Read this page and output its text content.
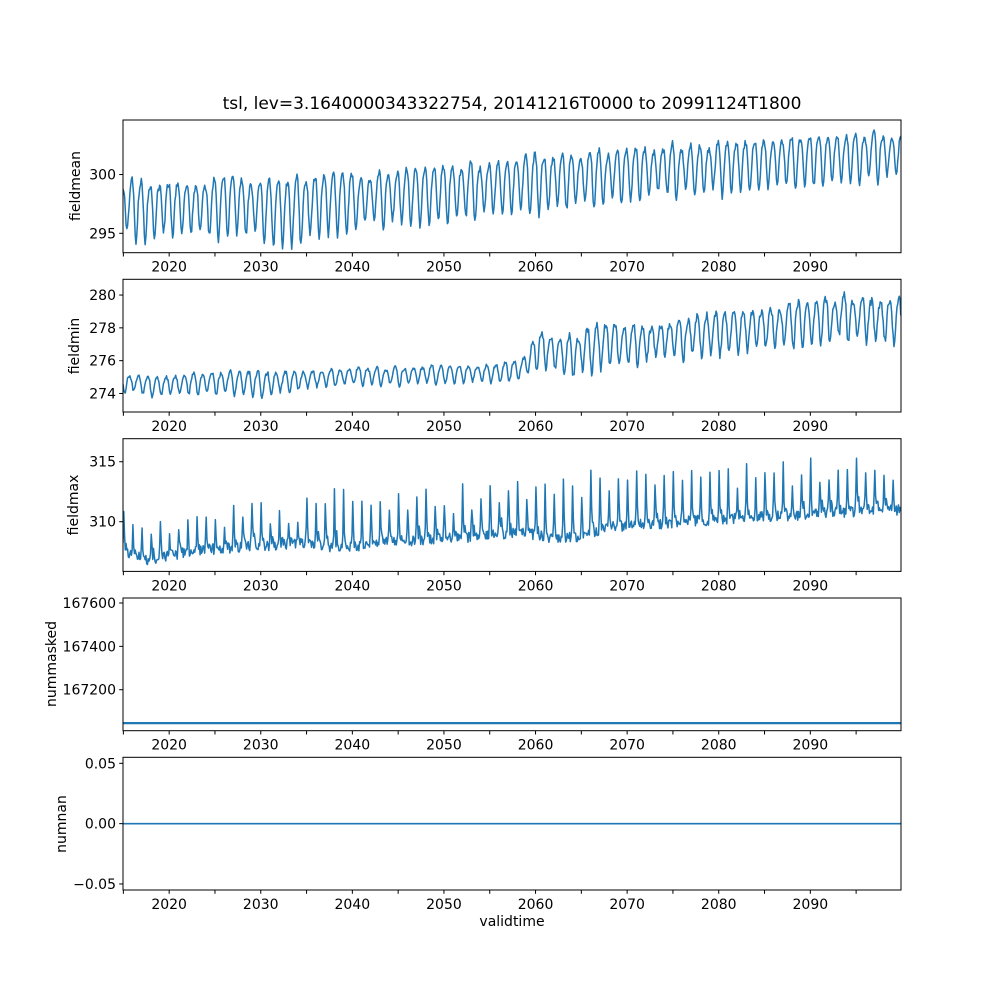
tsl, lev=3.1640000343322754, 20141216T0000 to 20991124T1800
fieldmean
fieldmin
fieldmax
nummasked
numnan
validtime
295
300
2020	2030	2040	2050	2060	2070	2080	2090
274
276
278
280
2020	2030	2040	2050	2060	2070	2080	2090
310
315
2020	2030	2040	2050	2060	2070	2080	2090
167200
167400
167600
2020	2030	2040	2050	2060	2070	2080	2090
−0.05
0.00
0.05
2020	2030	2040	2050	2060	2070	2080	2090
